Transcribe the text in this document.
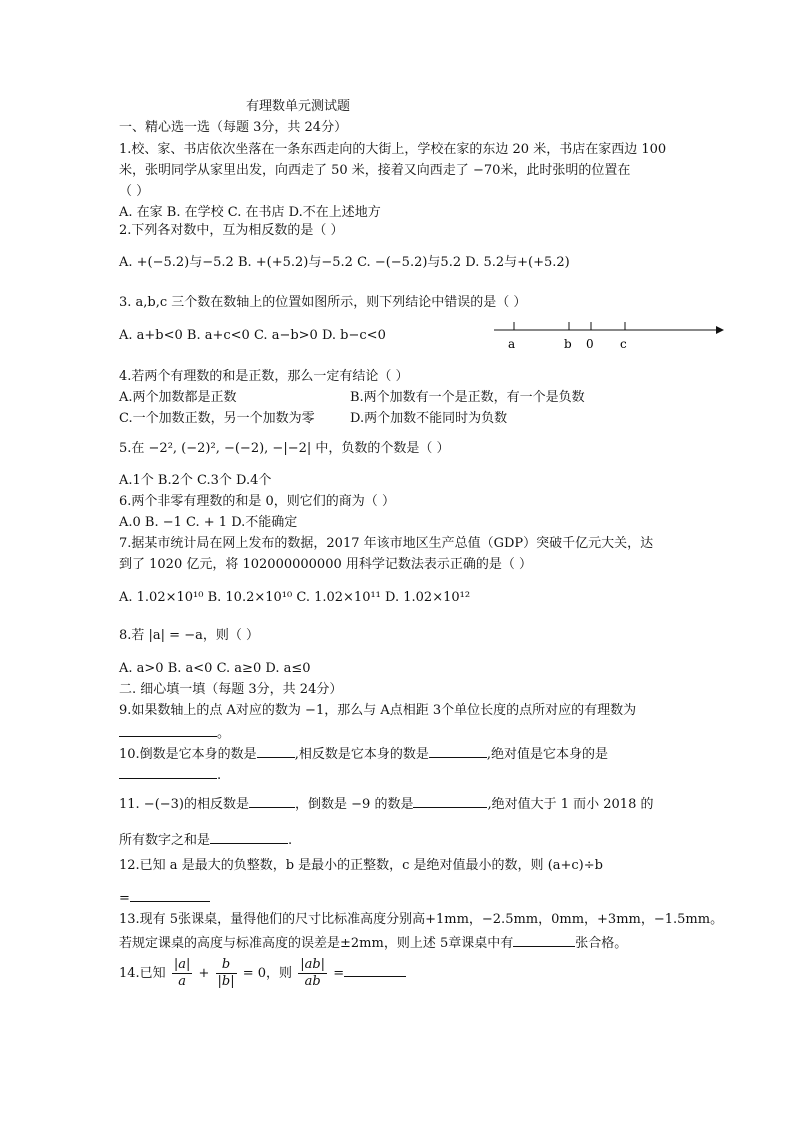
有理数单元测试题
一、精心选一选（每题 3分，共 24分）
1.校、家、书店依次坐落在一条东西走向的大街上，学校在家的东边 20 米，书店在家西边 100
米，张明同学从家里出发，向西走了 50 米，接着又向西走了 −70米，此时张明的位置在
（ ）
A. 在家 B. 在学校 C. 在书店 D.不在上述地方
2.下列各对数中，互为相反数的是（ ）
A. +(−5.2)与−5.2 B. +(+5.2)与−5.2 C. −(−5.2)与5.2 D. 5.2与+(+5.2)
3. a,b,c 三个数在数轴上的位置如图所示，则下列结论中错误的是（ ）
A. a+b<0 B. a+c<0 C. a−b>0 D. b−c<0
a	b 0 c
4.若两个有理数的和是正数，那么一定有结论（ ）
A.两个加数都是正数	B.两个加数有一个是正数，有一个是负数
C.一个加数正数，另一个加数为零	D.两个加数不能同时为负数
5.在 −2², (−2)², −(−2), −|−2| 中，负数的个数是（ ）
A.1个 B.2个 C.3个 D.4个
6.两个非零有理数的和是 0，则它们的商为（ ）
A.0 B. −1 C. + 1 D.不能确定
7.据某市统计局在网上发布的数据，2017 年该市地区生产总值（GDP）突破千亿元大关，达
到了 1020 亿元，将 102000000000 用科学记数法表示正确的是（ ）
A. 1.02×10¹⁰ B. 10.2×10¹⁰ C. 1.02×10¹¹ D. 1.02×10¹²
8.若 |a| = −a，则（ ）
A. a>0 B. a<0 C. a≥0 D. a≤0
二. 细心填一填（每题 3分，共 24分）
9.如果数轴上的点 A对应的数为 −1，那么与 A点相距 3个单位长度的点所对应的有理数为
。
10.倒数是它本身的数是	,相反数是它本身的数是	,绝对值是它本身的是
.
11. −(−3)的相反数是	，倒数是 −9 的数是	,绝对值大于 1 而小 2018 的
所有数字之和是	.
12.已知 a 是最大的负整数，b 是最小的正整数，c 是绝对值最小的数，则 (a+c)÷b
=
13.现有 5张课桌，量得他们的尺寸比标准高度分别高+1mm，−2.5mm，0mm，+3mm，−1.5mm。
若规定课桌的高度与标准高度的误差是±2mm，则上述 5章课桌中有	张合格。
14.已知 $\frac{|a|}{a} + \frac{b}{|b|} = 0$，则 $\frac{|ab|}{ab}$ =
